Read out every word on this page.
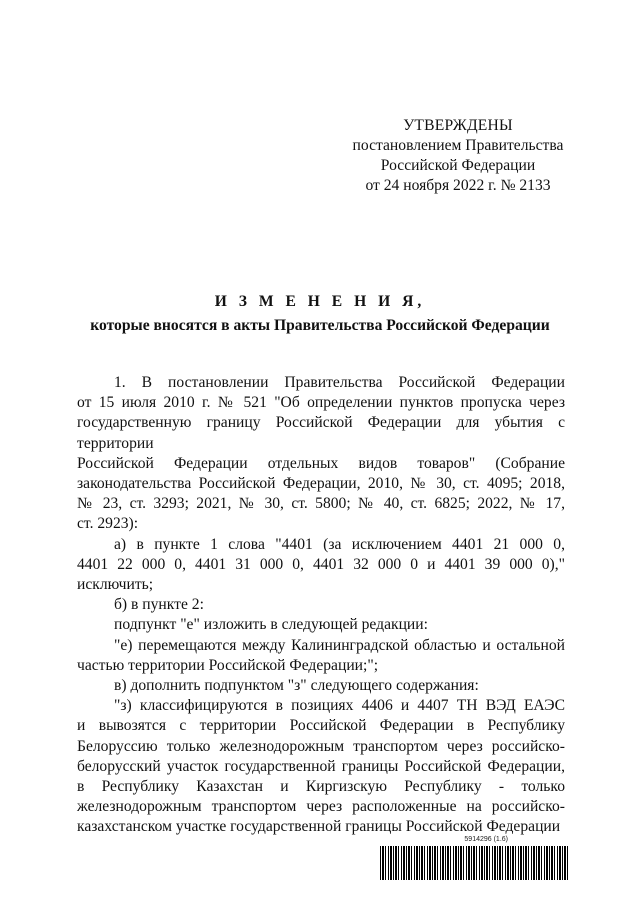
УТВЕРЖДЕНЫ
постановлением Правительства
Российской Федерации
от 24 ноября 2022 г. № 2133
И З М Е Н Е Н И Я,
которые вносятся в акты Правительства Российской Федерации
1. В постановлении Правительства Российской Федерации
от 15 июля 2010 г. № 521 "Об определении пунктов пропуска через
государственную границу Российской Федерации для убытия с территории
Российской Федерации отдельных видов товаров" (Собрание
законодательства Российской Федерации, 2010, № 30, ст. 4095; 2018,
№ 23, ст. 3293; 2021, № 30, ст. 5800; № 40, ст. 6825; 2022, № 17,
ст. 2923):
а) в пункте 1 слова "4401 (за исключением 4401 21 000 0,
4401 22 000 0, 4401 31 000 0, 4401 32 000 0 и 4401 39 000 0),"
исключить;
б) в пункте 2:
подпункт "е" изложить в следующей редакции:
"е) перемещаются между Калининградской областью и остальной
частью территории Российской Федерации;";
в) дополнить подпунктом "з" следующего содержания:
"з) классифицируются в позициях 4406 и 4407 ТН ВЭД ЕАЭС
и вывозятся с территории Российской Федерации в Республику
Белоруссию только железнодорожным транспортом через российско-
белорусский участок государственной границы Российской Федерации,
в Республику Казахстан и Киргизскую Республику - только
железнодорожным транспортом через расположенные на российско-
казахстанском участке государственной границы Российской Федерации
5914296 (1.6)
